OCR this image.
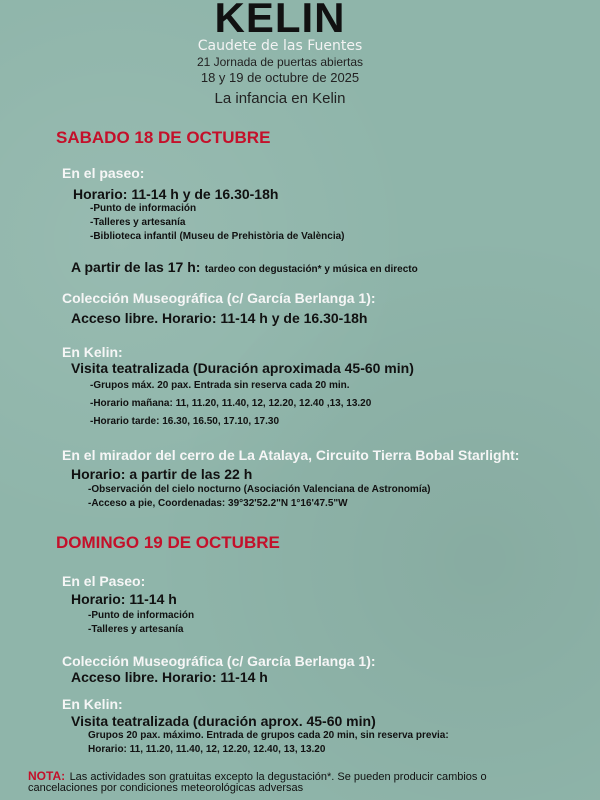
KELIN
Caudete de las Fuentes
21 Jornada de puertas abiertas
18 y 19 de octubre de 2025
La infancia en Kelin
SABADO 18 DE OCTUBRE
En el paseo:
Horario: 11-14 h y de 16.30-18h
-Punto de información
-Talleres y artesanía
-Biblioteca infantil (Museu de Prehistòria de València)
A partir de las 17 h: tardeo con degustación* y música en directo
Colección Museográfica (c/ García Berlanga 1):
Acceso libre. Horario: 11-14 h y de 16.30-18h
En Kelin:
Visita teatralizada (Duración aproximada 45-60 min)
-Grupos máx. 20 pax. Entrada sin reserva cada 20 min.
-Horario mañana: 11, 11.20, 11.40, 12, 12.20, 12.40 ,13, 13.20
-Horario tarde: 16.30, 16.50, 17.10, 17.30
En el mirador del cerro de La Atalaya, Circuito Tierra Bobal Starlight:
Horario: a partir de las 22 h
-Observación del cielo nocturno (Asociación Valenciana de Astronomía)
-Acceso a pie, Coordenadas: 39°32'52.2"N 1°16'47.5"W
DOMINGO 19 DE OCTUBRE
En el Paseo:
Horario: 11-14 h
-Punto de información
-Talleres y artesanía
Colección Museográfica (c/ García Berlanga 1):
Acceso libre. Horario: 11-14 h
En Kelin:
Visita teatralizada (duración aprox. 45-60 min)
Grupos 20 pax. máximo. Entrada de grupos cada 20 min, sin reserva previa:
Horario: 11, 11.20, 11.40, 12, 12.20, 12.40, 13, 13.20
NOTA: Las actividades son gratuitas excepto la degustación*. Se pueden producir cambios o
cancelaciones por condiciones meteorológicas adversas
